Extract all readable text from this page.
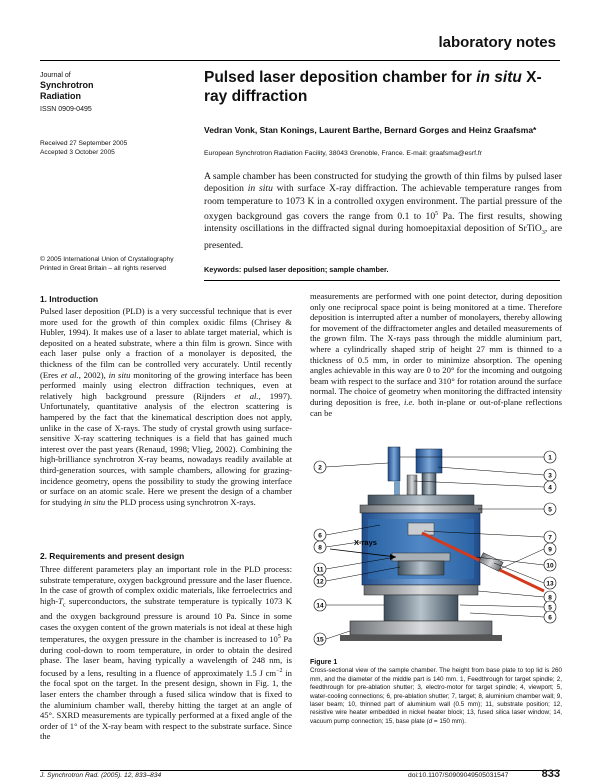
laboratory notes
Journal of
Synchrotron
Radiation
ISSN 0909-0495
Received 27 September 2005
Accepted 3 October 2005
© 2005 International Union of Crystallography
Printed in Great Britain – all rights reserved
Pulsed laser deposition chamber for in situ X-ray diffraction
Vedran Vonk, Stan Konings, Laurent Barthe, Bernard Gorges and Heinz Graafsma*
European Synchrotron Radiation Facility, 38043 Grenoble, France. E-mail: graafsma@esrf.fr
A sample chamber has been constructed for studying the growth of thin films by pulsed laser deposition in situ with surface X-ray diffraction. The achievable temperature ranges from room temperature to 1073 K in a controlled oxygen environment. The partial pressure of the oxygen background gas covers the range from 0.1 to $10^5$ Pa. The first results, showing intensity oscillations in the diffracted signal during homoepitaxial deposition of SrTiO$_3$, are presented.
Keywords: pulsed laser deposition; sample chamber.
1. Introduction
Pulsed laser deposition (PLD) is a very successful technique that is ever more used for the growth of thin complex oxidic films (Chrisey & Hubler, 1994). It makes use of a laser to ablate target material, which is deposited on a heated substrate, where a thin film is grown. Since with each laser pulse only a fraction of a monolayer is deposited, the thickness of the film can be controlled very accurately. Until recently (Eres et al., 2002), in situ monitoring of the growing interface has been performed mainly using electron diffraction techniques, even at relatively high background pressure (Rijnders et al., 1997). Unfortunately, quantitative analysis of the electron scattering is hampered by the fact that the kinematical description does not apply, unlike in the case of X-rays. The study of crystal growth using surface-sensitive X-ray scattering techniques is a field that has gained much interest over the past years (Renaud, 1998; Vlieg, 2002). Combining the high-brilliance synchrotron X-ray beams, nowadays readily available at third-generation sources, with sample chambers, allowing for grazing-incidence geometry, opens the possibility to study the growing interface or surface on an atomic scale. Here we present the design of a chamber for studying in situ the PLD process using synchrotron X-rays.
2. Requirements and present design
Three different parameters play an important role in the PLD process: substrate temperature, oxygen background pressure and the laser fluence. In the case of growth of complex oxidic materials, like ferroelectrics and high-$T_c$ superconductors, the substrate temperature is typically 1073 K and the oxygen background pressure is around 10 Pa. Since in some cases the oxygen content of the grown materials is not ideal at these high temperatures, the oxygen pressure in the chamber is increased to $10^5$ Pa during cool-down to room temperature, in order to obtain the desired phase. The laser beam, having typically a wavelength of 248 nm, is focused by a lens, resulting in a fluence of approximately 1.5 J $cm^{-2}$ in the focal spot on the target. In the present design, shown in Fig. 1, the laser enters the chamber through a fused silica window that is fixed to the aluminium chamber wall, thereby hitting the target at an angle of 45°. SXRD measurements are typically performed at a fixed angle of the order of 1° of the X-ray beam with respect to the substrate surface. Since the
measurements are performed with one point detector, during deposition only one reciprocal space point is being monitored at a time. Therefore deposition is interrupted after a number of monolayers, thereby allowing for movement of the diffractometer angles and detailed measurements of the grown film. The X-rays pass through the middle aluminium part, where a cylindrically shaped strip of height 27 mm is thinned to a thickness of 0.5 mm, in order to minimize absorption. The opening angles achievable in this way are 0 to 20° for the incoming and outgoing beam with respect to the surface and 310° for rotation around the surface normal. The choice of geometry when monitoring the diffracted intensity during deposition is free, i.e. both in-plane or out-of-plane reflections can be
X-rays
1
3
4
5
7
9
10
13
8
5
6
2
6
8
11
12
14
15
Figure 1
Cross-sectional view of the sample chamber. The height from base plate to top lid is 260 mm, and the diameter of the middle part is 140 mm. 1, Feedthrough for target spindle; 2, feedthrough for pre-ablation shutter; 3, electro-motor for target spindle; 4, viewport; 5, water-cooling connections; 6, pre-ablation shutter; 7, target; 8, aluminium chamber wall; 9, laser beam; 10, thinned part of aluminium wall (0.5 mm); 11, substrate position; 12, resistive wire heater embedded in nickel heater block; 13, fused silica laser window; 14, vacuum pump connection; 15, base plate (d = 150 mm).
J. Synchrotron Rad. (2005). 12, 833–834	doi:10.1107/S0909049505031547	833
